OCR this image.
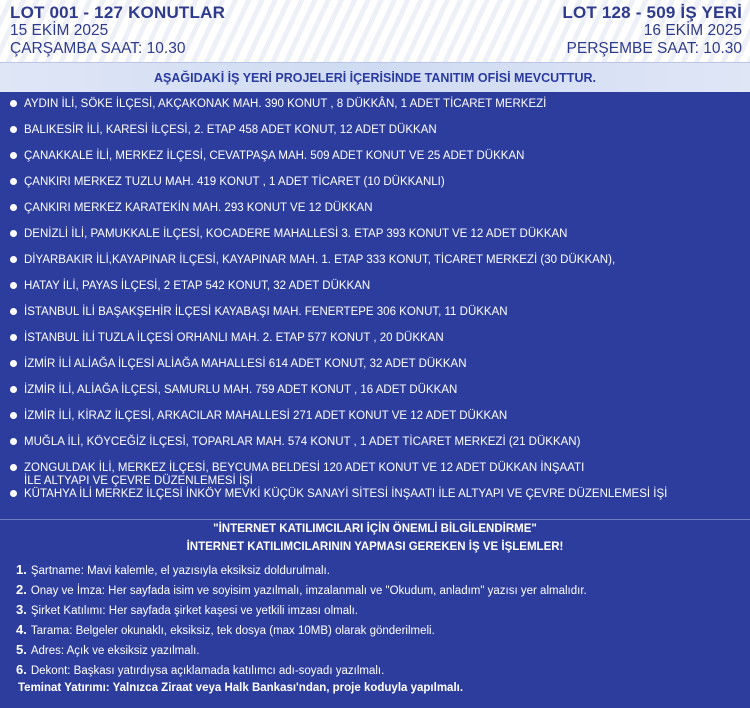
LOT 001 - 127 KONUTLAR
15 EKİM 2025
ÇARŞAMBA SAAT: 10.30
LOT 128 - 509 İŞ YERİ
16 EKİM 2025
PERŞEMBE SAAT: 10.30
AŞAĞIDAKİ İŞ YERİ PROJELERİ İÇERİSİNDE TANITIM OFİSİ MEVCUTTUR.
AYDIN İLİ, SÖKE İLÇESİ, AKÇAKONAK MAH. 390 KONUT , 8 DÜKKÂN, 1 ADET TİCARET MERKEZİ
BALIKESİR İLİ, KARESİ İLÇESİ, 2. ETAP 458 ADET KONUT, 12 ADET DÜKKAN
ÇANAKKALE İLİ, MERKEZ İLÇESİ, CEVATPAŞA MAH. 509 ADET KONUT VE 25 ADET DÜKKAN
ÇANKIRI MERKEZ TUZLU MAH. 419 KONUT , 1 ADET TİCARET (10 DÜKKANLI)
ÇANKIRI MERKEZ KARATEKİN MAH. 293 KONUT VE 12 DÜKKAN
DENİZLİ İLİ, PAMUKKALE İLÇESİ, KOCADERE MAHALLESİ 3. ETAP 393 KONUT VE 12 ADET DÜKKAN
DİYARBAKIR İLİ,KAYAPINAR İLÇESİ, KAYAPINAR MAH. 1. ETAP 333 KONUT, TİCARET MERKEZİ (30 DÜKKAN),
HATAY İLİ, PAYAS İLÇESİ, 2 ETAP 542 KONUT, 32 ADET DÜKKAN
İSTANBUL İLİ BAŞAKŞEHİR İLÇESİ KAYABAŞI MAH. FENERTEPE 306 KONUT, 11 DÜKKAN
İSTANBUL İLİ TUZLA İLÇESİ ORHANLI MAH. 2. ETAP 577 KONUT , 20 DÜKKAN
İZMİR İLİ ALİAĞA İLÇESİ ALİAĞA MAHALLESİ 614 ADET KONUT, 32 ADET DÜKKAN
İZMİR İLİ, ALİAĞA İLÇESİ, SAMURLU MAH. 759 ADET KONUT , 16 ADET DÜKKAN
İZMİR İLİ, KİRAZ İLÇESİ, ARKACILAR MAHALLESİ 271 ADET KONUT VE 12 ADET DÜKKAN
MUĞLA İLİ, KÖYCEĞİZ İLÇESİ, TOPARLAR MAH. 574 KONUT , 1 ADET TİCARET MERKEZİ (21 DÜKKAN)
ZONGULDAK İLİ, MERKEZ İLÇESİ, BEYCUMA BELDESİ 120 ADET KONUT VE 12 ADET DÜKKAN İNŞAATI
İLE ALTYAPI VE ÇEVRE DÜZENLEMESİ İŞİ
KÜTAHYA İLİ MERKEZ İLÇESİ İNKÖY MEVKİ KÜÇÜK SANAYİ SİTESİ İNŞAATI İLE ALTYAPI VE ÇEVRE DÜZENLEMESİ İŞİ
"İNTERNET KATILIMCILARI İÇİN ÖNEMLİ BİLGİLENDİRME"
İNTERNET KATILIMCILARININ YAPMASI GEREKEN İŞ VE İŞLEMLER!
1. Şartname: Mavi kalemle, el yazısıyla eksiksiz doldurulmalı.
2. Onay ve İmza: Her sayfada isim ve soyisim yazılmalı, imzalanmalı ve "Okudum, anladım" yazısı yer almalıdır.
3. Şirket Katılımı: Her sayfada şirket kaşesi ve yetkili imzası olmalı.
4. Tarama: Belgeler okunaklı, eksiksiz, tek dosya (max 10MB) olarak gönderilmeli.
5. Adres: Açık ve eksiksiz yazılmalı.
6. Dekont: Başkası yatırdıysa açıklamada katılımcı adı-soyadı yazılmalı.
Teminat Yatırımı: Yalnızca Ziraat veya Halk Bankası'ndan, proje koduyla yapılmalı.
